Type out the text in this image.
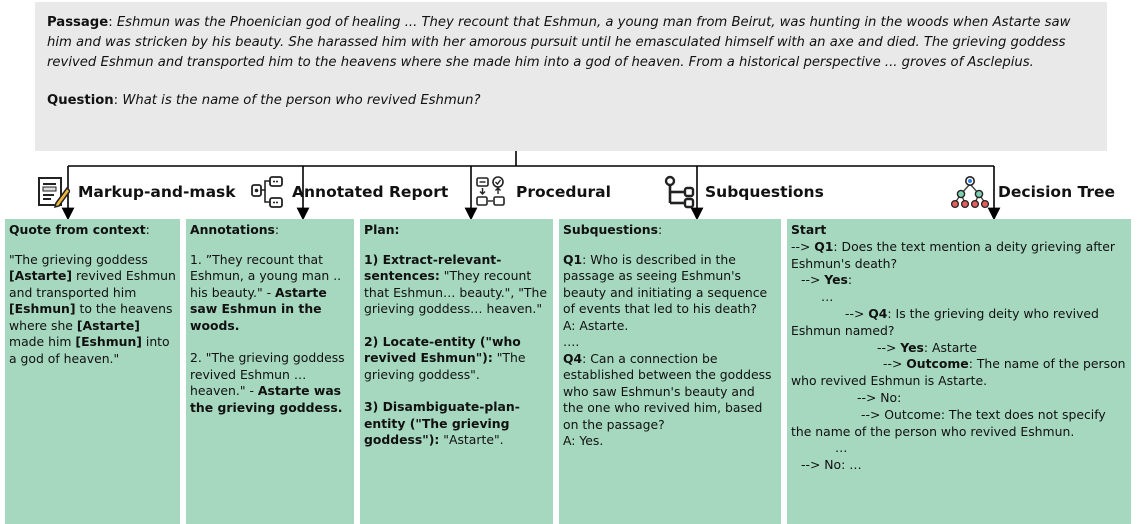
Passage: Eshmun was the Phoenician god of healing ... They recount that Eshmun, a young man from Beirut, was hunting in the woods when Astarte saw him and was stricken by his beauty. She harassed him with her amorous pursuit until he emasculated himself with an axe and died. The grieving goddess revived Eshmun and transported him to the heavens where she made him into a god of heaven. From a historical perspective ... groves of Asclepius.

Question: What is the name of the person who revived Eshmun?

Markup-and-mask	Annotated Report	Procedural	Subquestions	Decision Tree

Quote from context:

"The grieving goddess [Astarte] revived Eshmun and transported him [Eshmun] to the heavens where she [Astarte] made him [Eshmun] into a god of heaven."

Annotations:

1. ”They recount that Eshmun, a young man .. his beauty." - Astarte saw Eshmun in the woods.

2. "The grieving goddess revived Eshmun … heaven." - Astarte was the grieving goddess.

Plan:

1) Extract-relevant-sentences: "They recount that Eshmun… beauty.", "The grieving goddess… heaven."

2) Locate-entity ("who revived Eshmun"): "The grieving goddess".

3) Disambiguate-plan-entity ("The grieving goddess"): "Astarte".

Subquestions:

Q1: Who is described in the passage as seeing Eshmun's beauty and initiating a sequence of events that led to his death?

A: Astarte.

….

Q4: Can a connection be established between the goddess who saw Eshmun's beauty and the one who revived him, based on the passage?

A: Yes.

Start

--> Q1: Does the text mention a deity grieving after Eshmun's death?

--> Yes:

…

--> Q4: Is the grieving deity who revived Eshmun named?

--> Yes: Astarte

--> Outcome: The name of the person who revived Eshmun is Astarte.

--> No:

--> Outcome: The text does not specify the name of the person who revived Eshmun.

…

--> No: …
